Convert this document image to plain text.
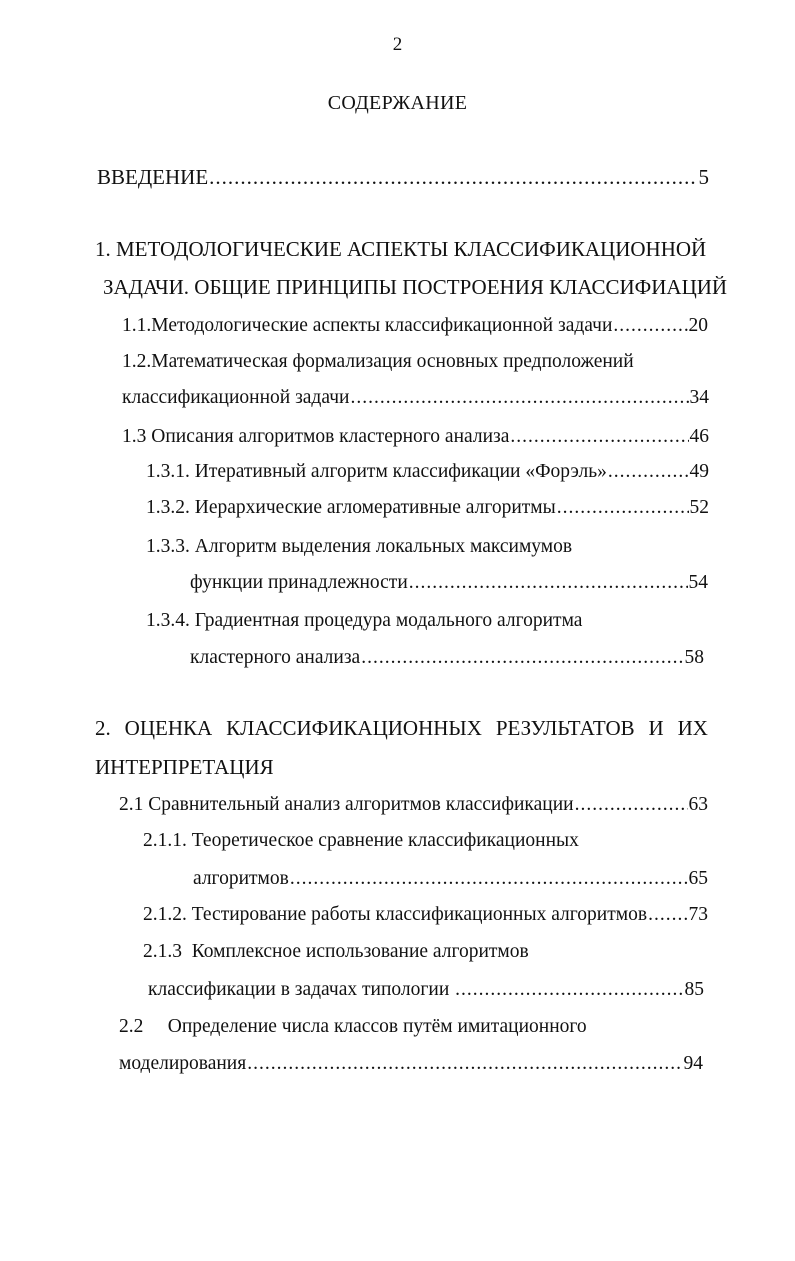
2
СОДЕРЖАНИЕ
ВВЕДЕНИЕ .....	5
1. МЕТОДОЛОГИЧЕСКИЕ АСПЕКТЫ КЛАССИФИКАЦИОННОЙ
ЗАДАЧИ. ОБЩИЕ ПРИНЦИПЫ ПОСТРОЕНИЯ КЛАССИФИАЦИЙ
1.1.Методологические аспекты классификационной задачи .....	20
1.2.Математическая формализация основных предположений
классификационной задачи .....	34
1.3 Описания алгоритмов кластерного анализа .....	46
1.3.1. Итеративный алгоритм классификации «Форэль» .....	49
1.3.2. Иерархические агломеративные алгоритмы .....	52
1.3.3. Алгоритм выделения локальных максимумов
функции принадлежности .....	54
1.3.4. Градиентная процедура модального алгоритма
кластерного анализа .....	58
2. ОЦЕНКА КЛАССИФИКАЦИОННЫХ РЕЗУЛЬТАТОВ И ИХ
ИНТЕРПРЕТАЦИЯ
2.1 Сравнительный анализ алгоритмов классификации .....	63
2.1.1. Теоретическое сравнение классификационных
алгоритмов .....	65
2.1.2. Тестирование работы классификационных алгоритмов ..... 73
2.1.3  Комплексное использование алгоритмов
классификации в задачах типологии .....	85
2.2     Определение числа классов путём имитационного
моделирования .....	94
